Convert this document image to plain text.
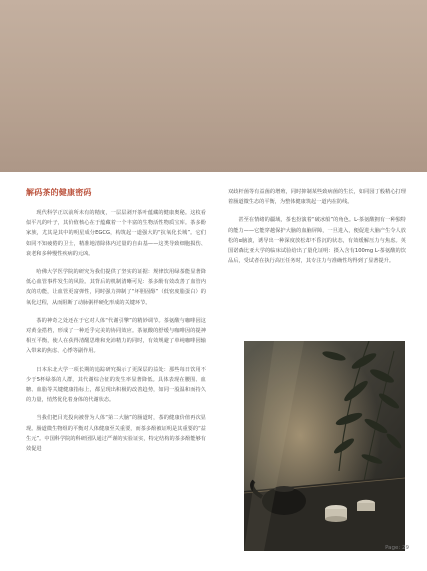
解码茶的健康密码

现代科学正以前所未有的精度，一层层剥开茶叶蕴藏的健康奥秘。这枚看似平凡的叶子，其价值核心在于蕴藏着一个丰富的生物活性物质宝库。茶多酚家族，尤其是其中的明星成分EGCG，构筑起一道强大的“抗氧化长城”。它们如同不知疲倦的卫士，精准地清除体内过量的自由基——这类导致细胞损伤、衰老和多种慢性疾病的元凶。

哈佛大学医学院的研究为我们提供了坚实的证据：规律饮用绿茶能显著降低心血管事件发生的风险。其背后的机制清晰可见：茶多酚有效改善了血管内皮的功能，让血管更富弹性，同时强力抑制了“坏胆固醇”（低密度脂蛋白）的氧化过程，从而阻断了动脉粥样硬化形成的关键环节。

茶的神奇之处还在于它对人体“代谢引擎”的精妙调节。茶氨酸与咖啡因这对黄金搭档，形成了一种近乎完美的协同效应。茶氨酸的舒缓与咖啡因的提神相互平衡，使人在获得清醒思维和充沛精力的同时，有效规避了单纯咖啡因输入带来的焦虑、心悸等副作用。

日本东北大学一项长期的追踪研究揭示了更深层的益处：那些每日饮用不少于5杯绿茶的人群，其代谢综合征的发生率显著降低。具体表现在腰围、血糖、血脂等关键健康指标上，都呈现出积极的改善趋势，如同一股温和而持久的力量，悄然优化着身体的代谢状态。

当我们把目光投向被誉为人体“第二大脑”的肠道时，茶的健康价值再次显现。肠道微生物组的平衡对人体健康至关重要，而茶多酚被证明是其重要的“益生元”。中国科学院的科研团队通过严谨的实验证实，特定结构的茶多酚能够有效促进

双歧杆菌等有益菌的增殖，同时抑制某些致病菌的生长，如同园丁般精心打理着肠道微生态的平衡，为整体健康筑起一道内在防线。

甚至在情绪的疆域，茶也扮演着“破冰船”的角色。L-茶氨酸拥有一种独特的能力——它能穿越保护大脑的血脑屏障，一旦进入，便促进大脑产生令人放松的α脑波，诱导出一种深度放松却不昏沉的状态，有效缓解压力与焦虑。英国诺森比亚大学的临床试验给出了量化证明：摄入含有100mg L-茶氨酸的饮品后，受试者在执行高压任务时，其专注力与准确性均得到了显著提升。

Page: 29
